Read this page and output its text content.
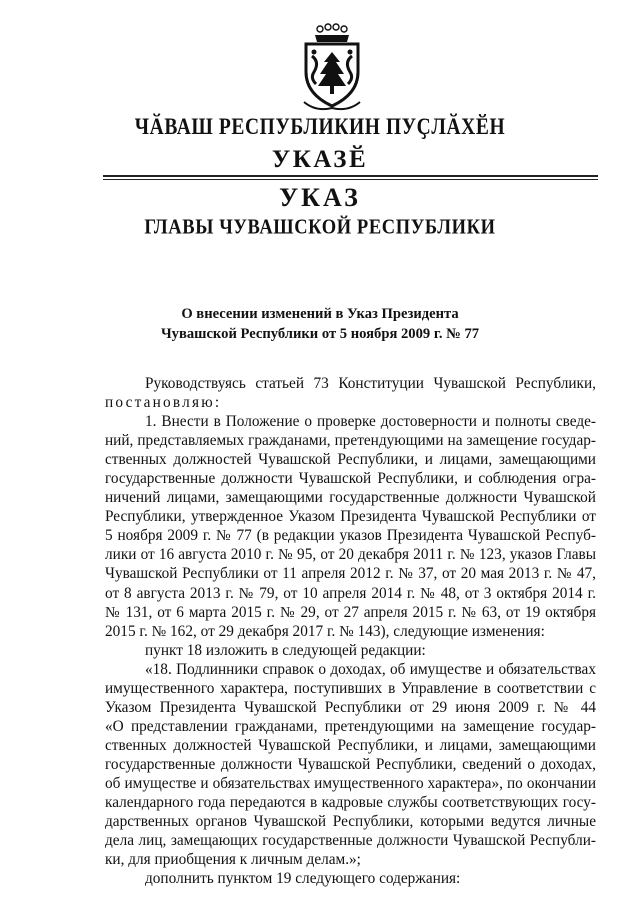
ЧӐВАШ РЕСПУБЛИКИН ПУҪЛӐХӖН
УКАЗӖ
УКАЗ
ГЛАВЫ ЧУВАШСКОЙ РЕСПУБЛИКИ
О внесении изменений в Указ Президента
Чувашской Республики от 5 ноября 2009 г. № 77
Руководствуясь статьей 73 Конституции Чувашской Республики,
постановляю:
1. Внести в Положение о проверке достоверности и полноты сведе-
ний, представляемых гражданами, претендующими на замещение государ-
ственных должностей Чувашской Республики, и лицами, замещающими
государственные должности Чувашской Республики, и соблюдения огра-
ничений лицами, замещающими государственные должности Чувашской
Республики, утвержденное Указом Президента Чувашской Республики от
5 ноября 2009 г. № 77 (в редакции указов Президента Чувашской Респуб-
лики от 16 августа 2010 г. № 95, от 20 декабря 2011 г. № 123, указов Главы
Чувашской Республики от 11 апреля 2012 г. № 37, от 20 мая 2013 г. № 47,
от 8 августа 2013 г. № 79, от 10 апреля 2014 г. № 48, от 3 октября 2014 г.
№ 131, от 6 марта 2015 г. № 29, от 27 апреля 2015 г. № 63, от 19 октября
2015 г. № 162, от 29 декабря 2017 г. № 143), следующие изменения:
пункт 18 изложить в следующей редакции:
«18. Подлинники справок о доходах, об имуществе и обязательствах
имущественного характера, поступивших в Управление в соответствии с
Указом Президента Чувашской Республики от 29 июня 2009 г. № 44
«О представлении гражданами, претендующими на замещение государ-
ственных должностей Чувашской Республики, и лицами, замещающими
государственные должности Чувашской Республики, сведений о доходах,
об имуществе и обязательствах имущественного характера», по окончании
календарного года передаются в кадровые службы соответствующих госу-
дарственных органов Чувашской Республики, которыми ведутся личные
дела лиц, замещающих государственные должности Чувашской Республи-
ки, для приобщения к личным делам.»;
дополнить пунктом 19 следующего содержания:
